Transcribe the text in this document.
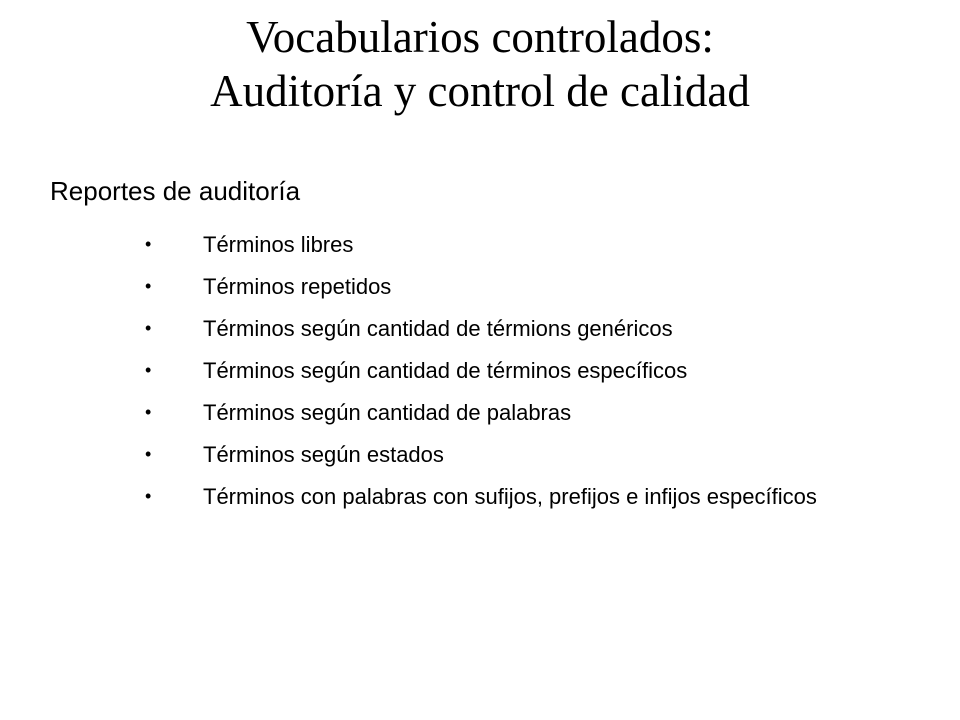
Vocabularios controlados:
Auditoría y control de calidad
Reportes de auditoría
• Términos libres
• Términos repetidos
• Términos según cantidad de térmions genéricos
• Términos según cantidad de términos específicos
• Términos según cantidad de palabras
• Términos según estados
• Términos con palabras con sufijos, prefijos e infijos específicos
